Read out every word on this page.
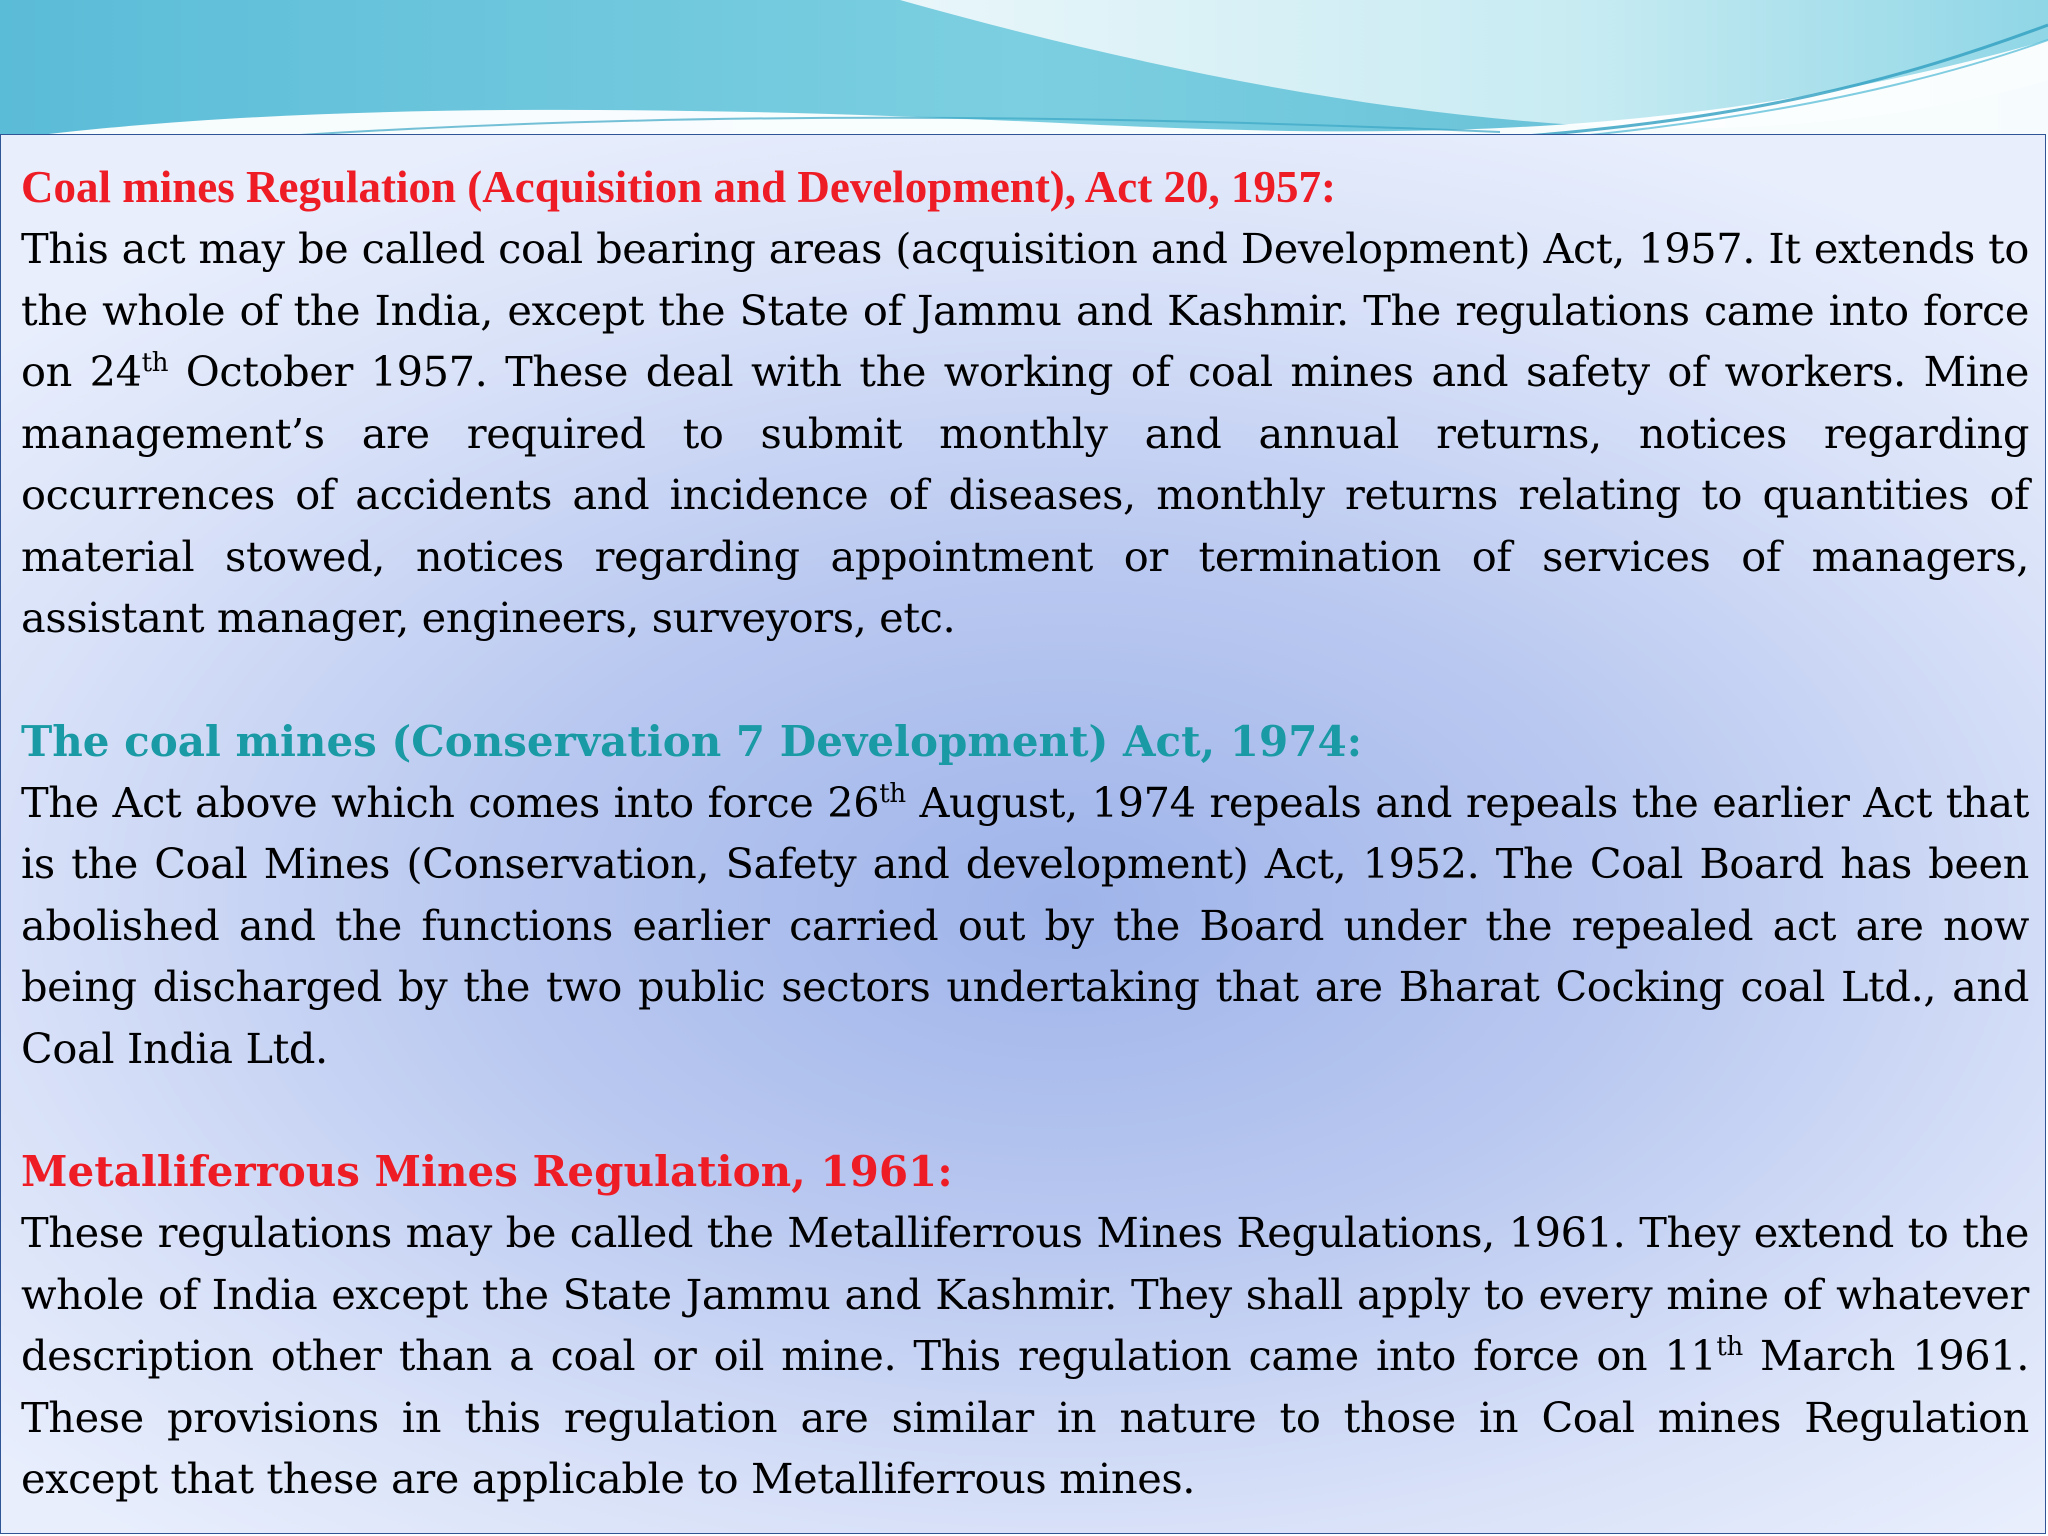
Coal mines Regulation (Acquisition and Development), Act 20, 1957:

This act may be called coal bearing areas (acquisition and Development) Act, 1957. It extends to the whole of the India, except the State of Jammu and Kashmir. The regulations came into force on 24th October 1957. These deal with the working of coal mines and safety of workers. Mine management’s are required to submit monthly and annual returns, notices regarding occurrences of accidents and incidence of diseases, monthly returns relating to quantities of material stowed, notices regarding appointment or termination of services of managers, assistant manager, engineers, surveyors, etc.

The coal mines (Conservation 7 Development) Act, 1974:

The Act above which comes into force 26th August, 1974 repeals and repeals the earlier Act that is the Coal Mines (Conservation, Safety and development) Act, 1952. The Coal Board has been abolished and the functions earlier carried out by the Board under the repealed act are now being discharged by the two public sectors undertaking that are Bharat Cocking coal Ltd., and Coal India Ltd.

Metalliferrous Mines Regulation, 1961:

These regulations may be called the Metalliferrous Mines Regulations, 1961. They extend to the whole of India except the State Jammu and Kashmir. They shall apply to every mine of whatever description other than a coal or oil mine. This regulation came into force on 11th March 1961. These provisions in this regulation are similar in nature to those in Coal mines Regulation except that these are applicable to Metalliferrous mines.
